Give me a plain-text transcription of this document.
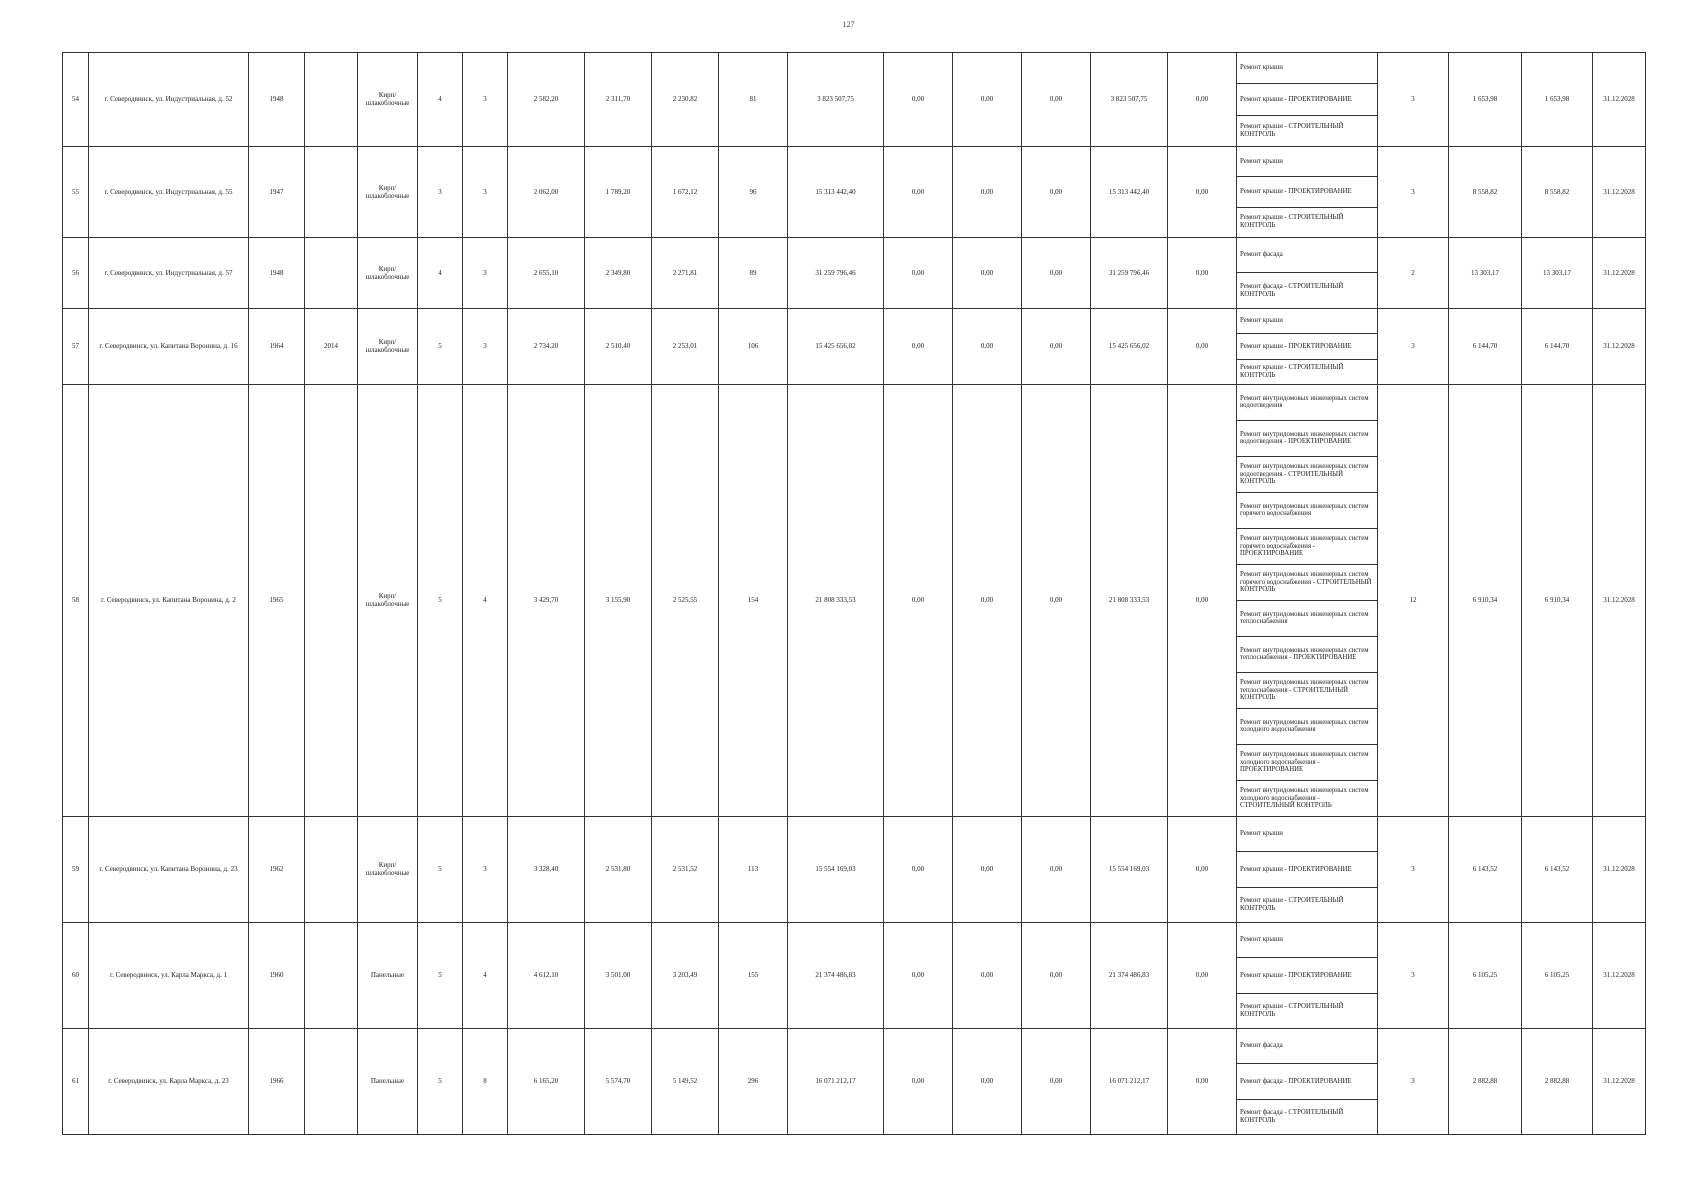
127
54	г. Северодвинск, ул. Индустриальная, д. 52	1948		Кирп/ шлакоблочные	4	3	2 582,20	2 311,70	2 230,82	81	3 823 507,75	0,00	0,00	0,00	3 823 507,75	0,00	Ремонт крыши	3	1 653,98	1 653,98	31.12.2028
																	Ремонт крыши - ПРОЕКТИРОВАНИЕ				
																	Ремонт крыши - СТРОИТЕЛЬНЫЙ КОНТРОЛЬ				
55	г. Северодвинск, ул. Индустриальная, д. 55	1947		Кирп/ шлакоблочные	3	3	2 062,00	1 789,20	1 672,12	96	15 313 442,40	0,00	0,00	0,00	15 313 442,40	0,00	Ремонт крыши	3	8 558,82	8 558,82	31.12.2028
																	Ремонт крыши - ПРОЕКТИРОВАНИЕ				
																	Ремонт крыши - СТРОИТЕЛЬНЫЙ КОНТРОЛЬ				
56	г. Северодвинск, ул. Индустриальная, д. 57	1948		Кирп/ шлакоблочные	4	3	2 655,10	2 349,80	2 271,81	89	31 259 796,46	0,00	0,00	0,00	31 259 796,46	0,00	Ремонт фасада	2	13 303,17	13 303,17	31.12.2028
																	Ремонт фасада - СТРОИТЕЛЬНЫЙ КОНТРОЛЬ				
57	г. Северодвинск, ул. Капитана Воронина, д. 16	1964	2014	Кирп/ шлакоблочные	5	3	2 734,20	2 510,40	2 253,01	106	15 425 656,02	0,00	0,00	0,00	15 425 656,02	0,00	Ремонт крыши	3	6 144,70	6 144,70	31.12.2028
																	Ремонт крыши - ПРОЕКТИРОВАНИЕ				
																	Ремонт крыши - СТРОИТЕЛЬНЫЙ КОНТРОЛЬ				
58	г. Северодвинск, ул. Капитана Воронина, д. 2	1965		Кирп/ шлакоблочные	5	4	3 429,70	3 155,90	2 525,55	154	21 808 333,53	0,00	0,00	0,00	21 808 333,53	0,00	Ремонт внутридомовых инженерных систем водоотведения	12	6 910,34	6 910,34	31.12.2028
																	Ремонт внутридомовых инженерных систем водоотведения - ПРОЕКТИРОВАНИЕ				
																	Ремонт внутридомовых инженерных систем водоотведения - СТРОИТЕЛЬНЫЙ КОНТРОЛЬ				
																	Ремонт внутридомовых инженерных систем горячего водоснабжения				
																	Ремонт внутридомовых инженерных систем горячего водоснабжения - ПРОЕКТИРОВАНИЕ				
																	Ремонт внутридомовых инженерных систем горячего водоснабжения - СТРОИТЕЛЬНЫЙ КОНТРОЛЬ				
																	Ремонт внутридомовых инженерных систем теплоснабжения				
																	Ремонт внутридомовых инженерных систем теплоснабжения - ПРОЕКТИРОВАНИЕ				
																	Ремонт внутридомовых инженерных систем теплоснабжения - СТРОИТЕЛЬНЫЙ КОНТРОЛЬ				
																	Ремонт внутридомовых инженерных систем холодного водоснабжения				
																	Ремонт внутридомовых инженерных систем холодного водоснабжения - ПРОЕКТИРОВАНИЕ				
																	Ремонт внутридомовых инженерных систем холодного водоснабжения - СТРОИТЕЛЬНЫЙ КОНТРОЛЬ				
59	г. Северодвинск, ул. Капитана Воронина, д. 23	1962		Кирп/ шлакоблочные	5	3	3 328,40	2 531,80	2 531,52	113	15 554 169,03	0,00	0,00	0,00	15 554 169,03	0,00	Ремонт крыши	3	6 143,52	6 143,52	31.12.2028
																	Ремонт крыши - ПРОЕКТИРОВАНИЕ				
																	Ремонт крыши - СТРОИТЕЛЬНЫЙ КОНТРОЛЬ				
60	г. Северодвинск, ул. Карла Маркса, д. 1	1960		Панельные	5	4	4 612,10	3 501,00	3 203,49	155	21 374 486,83	0,00	0,00	0,00	21 374 486,83	0,00	Ремонт крыши	3	6 105,25	6 105,25	31.12.2028
																	Ремонт крыши - ПРОЕКТИРОВАНИЕ				
																	Ремонт крыши - СТРОИТЕЛЬНЫЙ КОНТРОЛЬ				
61	г. Северодвинск, ул. Карла Маркса, д. 23	1966		Панельные	5	8	6 165,20	5 574,70	5 149,52	296	16 071 212,17	0,00	0,00	0,00	16 071 212,17	0,00	Ремонт фасада	3	2 882,88	2 882,88	31.12.2028
																	Ремонт фасада - ПРОЕКТИРОВАНИЕ				
																	Ремонт фасада - СТРОИТЕЛЬНЫЙ КОНТРОЛЬ				
